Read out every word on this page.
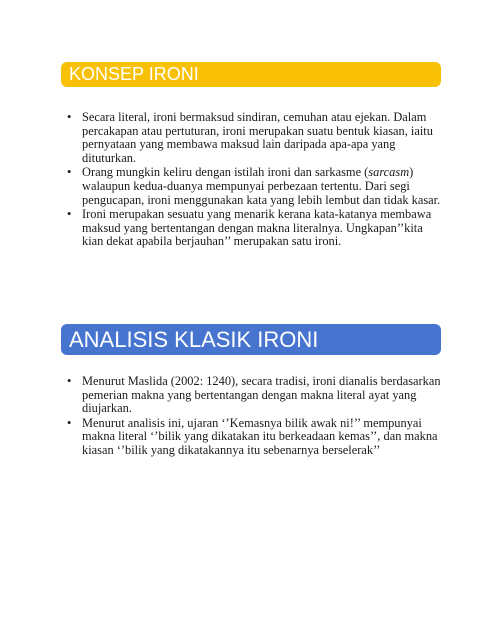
KONSEP IRONI
• Secara literal, ironi bermaksud sindiran, cemuhan atau ejekan. Dalam percakapan atau pertuturan, ironi merupakan suatu bentuk kiasan, iaitu pernyataan yang membawa maksud lain daripada apa-apa yang dituturkan.
• Orang mungkin keliru dengan istilah ironi dan sarkasme (sarcasm) walaupun kedua-duanya mempunyai perbezaan tertentu. Dari segi pengucapan, ironi menggunakan kata yang lebih lembut dan tidak kasar.
• Ironi merupakan sesuatu yang menarik kerana kata-katanya membawa maksud yang bertentangan dengan makna literalnya. Ungkapan’’kita kian dekat apabila berjauhan’’ merupakan satu ironi.
ANALISIS KLASIK IRONI
• Menurut Maslida (2002: 1240), secara tradisi, ironi dianalis berdasarkan pemerian makna yang bertentangan dengan makna literal ayat yang diujarkan.
• Menurut analisis ini, ujaran ‘’Kemasnya bilik awak ni!’’ mempunyai makna literal ‘’bilik yang dikatakan itu berkeadaan kemas’’, dan makna kiasan ‘’bilik yang dikatakannya itu sebenarnya berselerak’’
